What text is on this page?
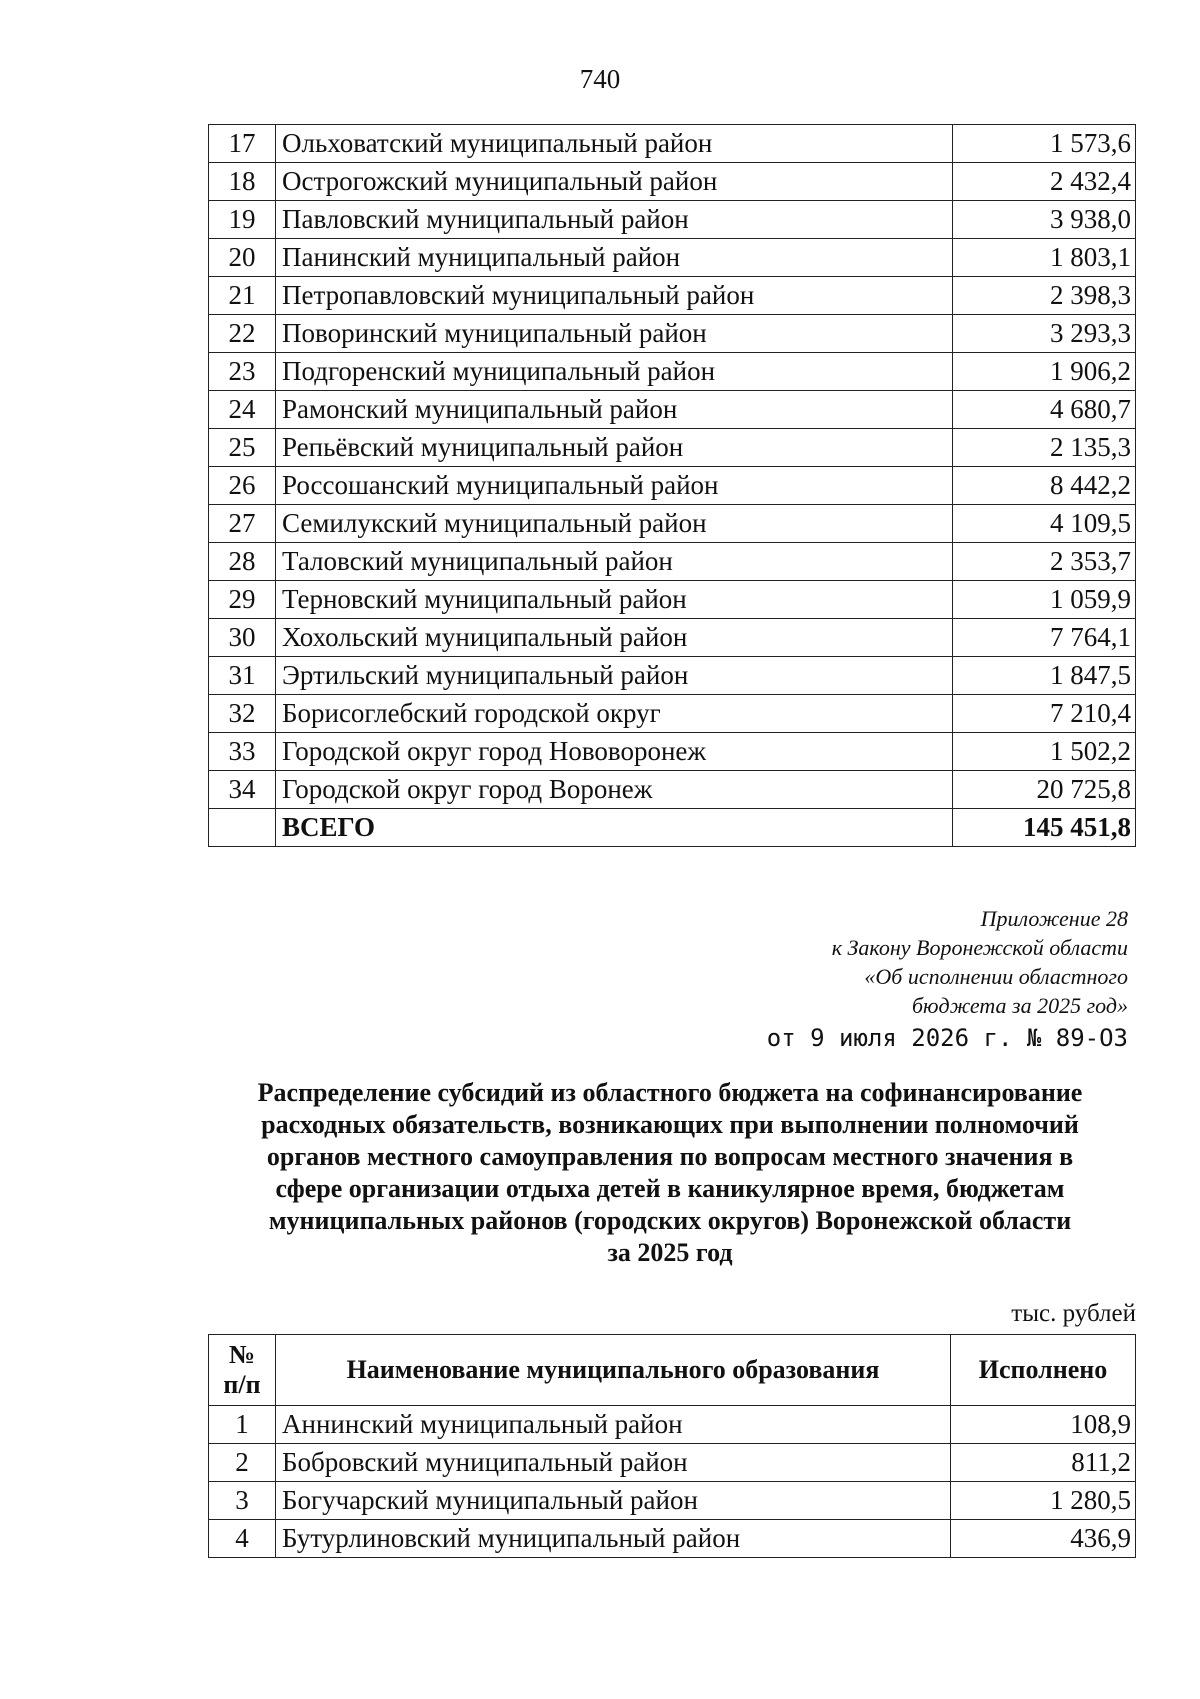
740
17	Ольховатский муниципальный район	1 573,6
18	Острогожский муниципальный район	2 432,4
19	Павловский муниципальный район	3 938,0
20	Панинский муниципальный район	1 803,1
21	Петропавловский муниципальный район	2 398,3
22	Поворинский муниципальный район	3 293,3
23	Подгоренский муниципальный район	1 906,2
24	Рамонский муниципальный район	4 680,7
25	Репьёвский муниципальный район	2 135,3
26	Россошанский муниципальный район	8 442,2
27	Семилукский муниципальный район	4 109,5
28	Таловский муниципальный район	2 353,7
29	Терновский муниципальный район	1 059,9
30	Хохольский муниципальный район	7 764,1
31	Эртильский муниципальный район	1 847,5
32	Борисоглебский городской округ	7 210,4
33	Городской округ город Нововоронеж	1 502,2
34	Городской округ город Воронеж	20 725,8
	ВСЕГО	145 451,8
Приложение 28
к Закону Воронежской области
«Об исполнении областного
бюджета за 2025 год»
от 9 июля 2026 г. № 89-ОЗ
Распределение субсидий из областного бюджета на софинансирование
расходных обязательств, возникающих при выполнении полномочий
органов местного самоуправления по вопросам местного значения в
сфере организации отдыха детей в каникулярное время, бюджетам
муниципальных районов (городских округов) Воронежской области
за 2025 год
тыс. рублей
№
п/п	Наименование муниципального образования	Исполнено
1	Аннинский муниципальный район	108,9
2	Бобровский муниципальный район	811,2
3	Богучарский муниципальный район	1 280,5
4	Бутурлиновский муниципальный район	436,9
